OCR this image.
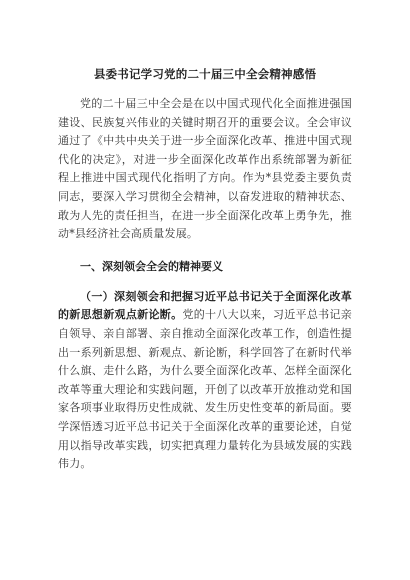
县委书记学习党的二十届三中全会精神感悟

党的二十届三中全会是在以中国式现代化全面推进强国建设、民族复兴伟业的关键时期召开的重要会议。全会审议通过了《中共中央关于进一步全面深化改革、推进中国式现代化的决定》，对进一步全面深化改革作出系统部署为新征程上推进中国式现代化指明了方向。作为*县党委主要负责同志，要深入学习贯彻全会精神，以奋发进取的精神状态、敢为人先的责任担当，在进一步全面深化改革上勇争先，推动*县经济社会高质量发展。

一、深刻领会全会的精神要义

（一）深刻领会和把握习近平总书记关于全面深化改革的新思想新观点新论断。党的十八大以来，习近平总书记亲自领导、亲自部署、亲自推动全面深化改革工作，创造性提出一系列新思想、新观点、新论断，科学回答了在新时代举什么旗、走什么路，为什么要全面深化改革、怎样全面深化改革等重大理论和实践问题，开创了以改革开放推动党和国家各项事业取得历史性成就、发生历史性变革的新局面。要学深悟透习近平总书记关于全面深化改革的重要论述，自觉用以指导改革实践，切实把真理力量转化为县域发展的实践伟力。
